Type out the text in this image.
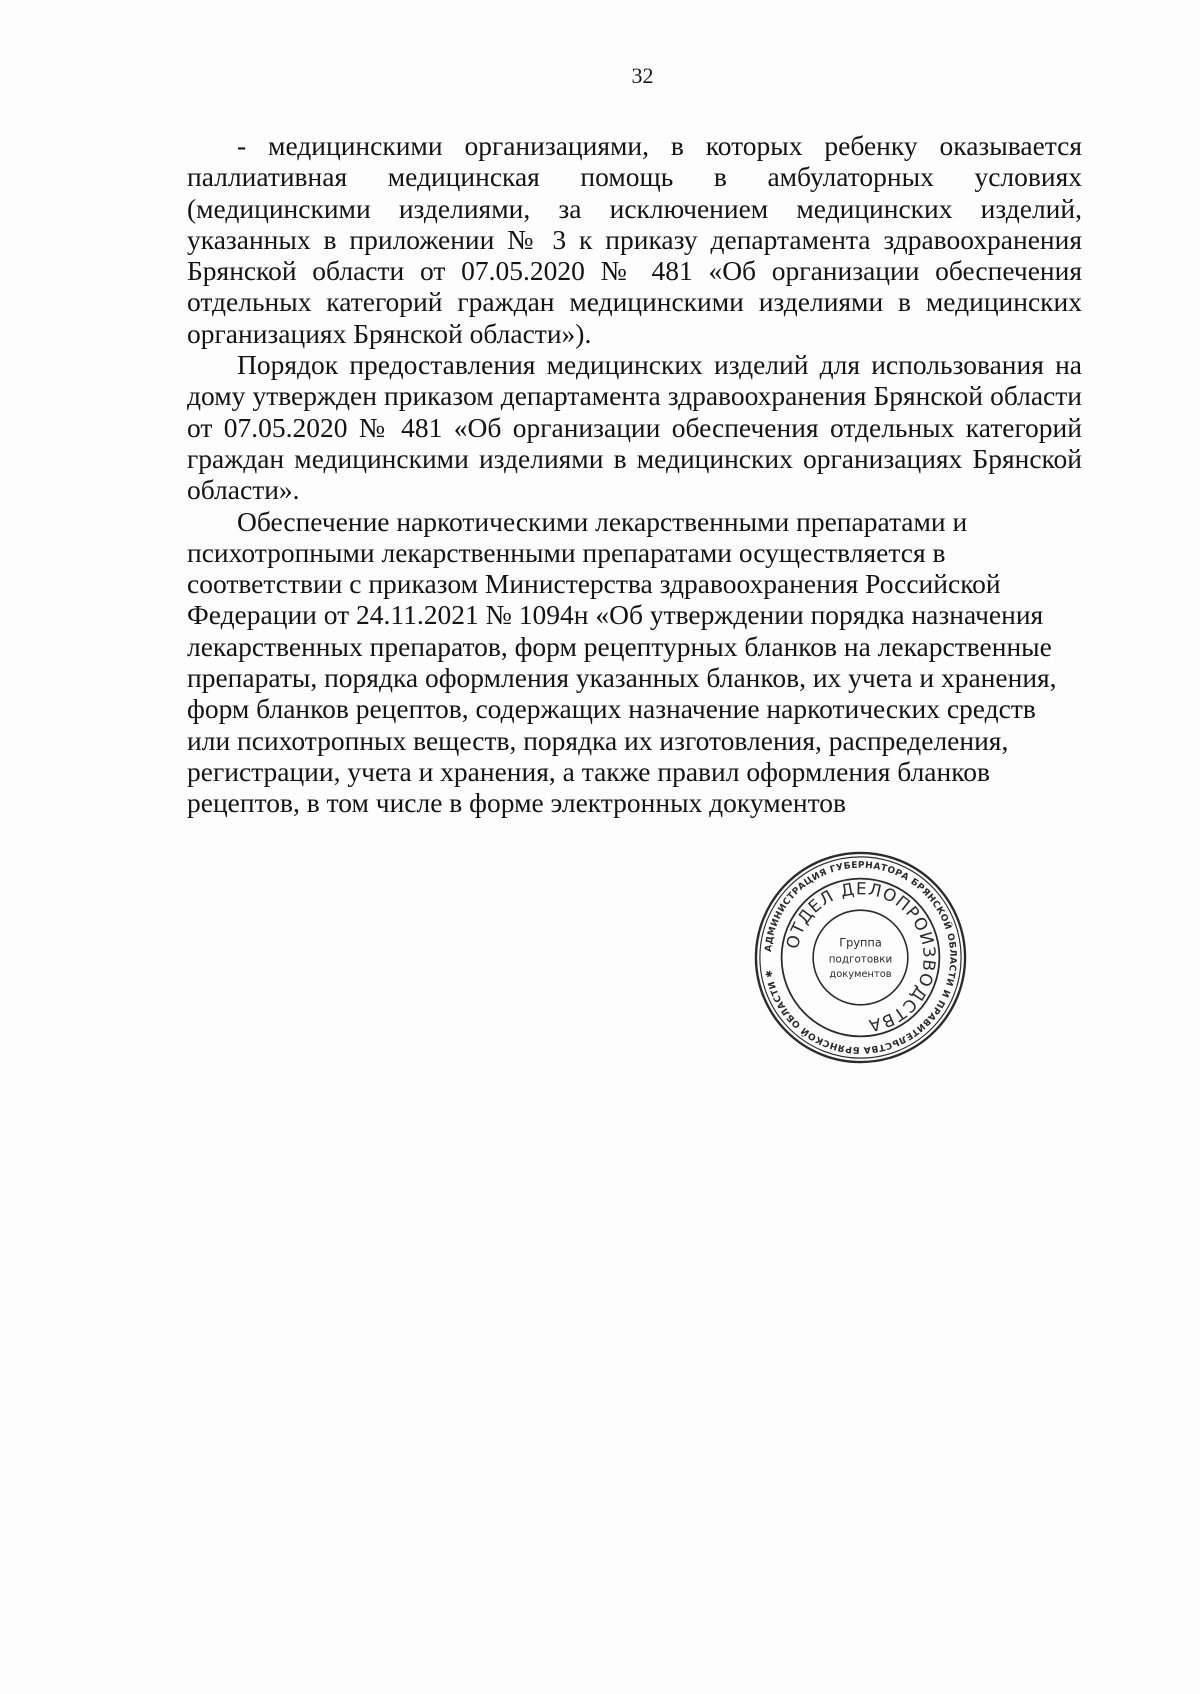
32

- медицинскими организациями, в которых ребенку оказывается паллиативная медицинская помощь в амбулаторных условиях (медицинскими изделиями, за исключением медицинских изделий, указанных в приложении № 3 к приказу департамента здравоохранения Брянской области от 07.05.2020 № 481 «Об организации обеспечения отдельных категорий граждан медицинскими изделиями в медицинских организациях Брянской области»).

Порядок предоставления медицинских изделий для использования на дому утвержден приказом департамента здравоохранения Брянской области от 07.05.2020 № 481 «Об организации обеспечения отдельных категорий граждан медицинскими изделиями в медицинских организациях Брянской области».

Обеспечение наркотическими лекарственными препаратами и психотропными лекарственными препаратами осуществляется в соответствии с приказом Министерства здравоохранения Российской Федерации от 24.11.2021 № 1094н «Об утверждении порядка назначения лекарственных препаратов, форм рецептурных бланков на лекарственные препараты, порядка оформления указанных бланков, их учета и хранения, форм бланков рецептов, содержащих назначение наркотических средств или психотропных веществ, порядка их изготовления, распределения, регистрации, учета и хранения, а также правил оформления бланков рецептов, в том числе в форме электронных документов

АДМИНИСТРАЦИЯ ГУБЕРНАТОРА БРЯНСКОЙ ОБЛАСТИ И ПРАВИТЕЛЬСТВА БРЯНСКОЙ ОБЛАСТИ ✱
ОТДЕЛ ДЕЛОПРОИЗВОДСТВА
Группа
подготовки
документов
